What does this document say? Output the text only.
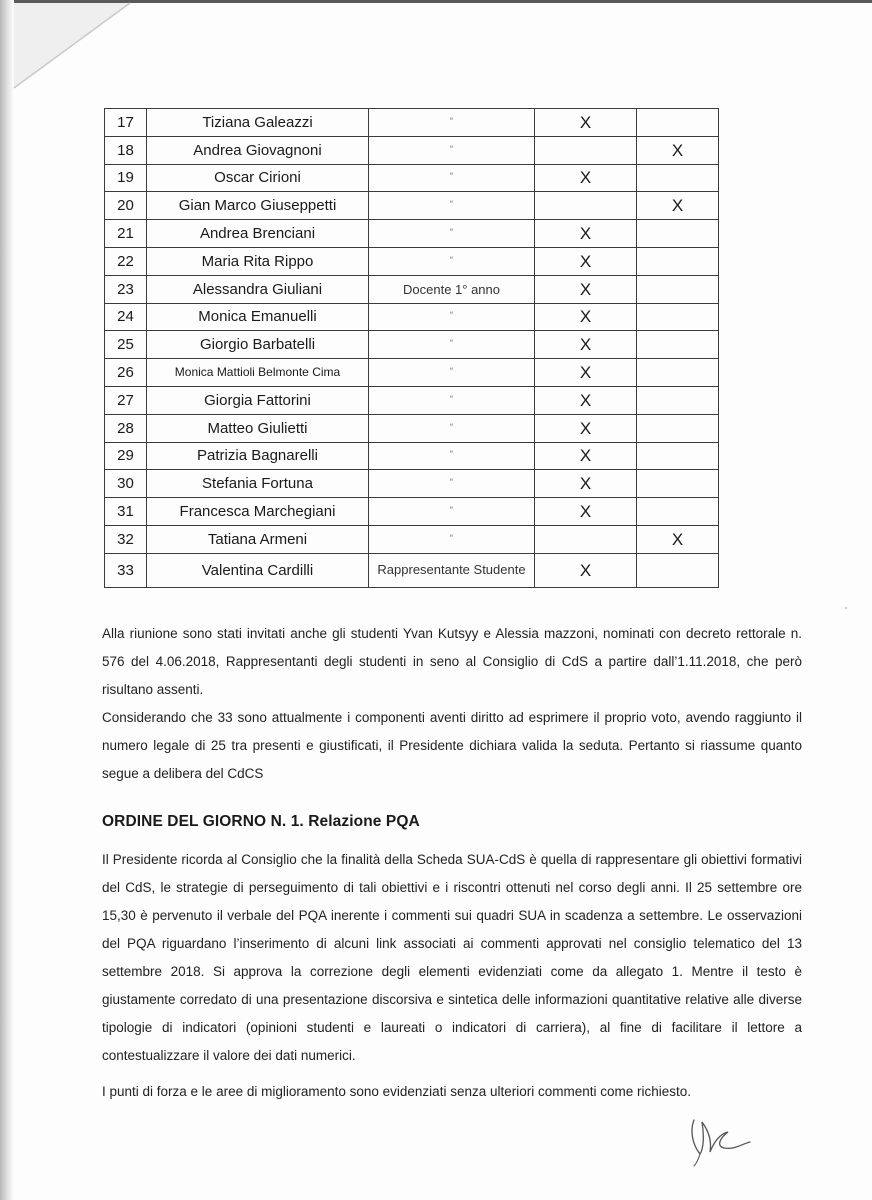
17	Tiziana Galeazzi	“	X	
18	Andrea Giovagnoni	“		X
19	Oscar Cirioni	“	X	
20	Gian Marco Giuseppetti	“		X
21	Andrea Brenciani	“	X	
22	Maria Rita Rippo	“	X	
23	Alessandra Giuliani	Docente 1° anno	X	
24	Monica Emanuelli	“	X	
25	Giorgio Barbatelli	“	X	
26	Monica Mattioli Belmonte Cima	“	X	
27	Giorgia Fattorini	“	X	
28	Matteo Giulietti	“	X	
29	Patrizia Bagnarelli	“	X	
30	Stefania Fortuna	“	X	
31	Francesca Marchegiani	“	X	
32	Tatiana Armeni	“		X
33	Valentina Cardilli	Rappresentante Studente	X	

Alla riunione sono stati invitati anche gli studenti Yvan Kutsyy e Alessia mazzoni, nominati con decreto rettorale n. 576 del 4.06.2018, Rappresentanti degli studenti in seno al Consiglio di CdS a partire dall’1.11.2018, che però risultano assenti.

Considerando che 33 sono attualmente i componenti aventi diritto ad esprimere il proprio voto, avendo raggiunto il numero legale di 25 tra presenti e giustificati, il Presidente dichiara valida la seduta. Pertanto si riassume quanto segue a delibera del CdCS

ORDINE DEL GIORNO N. 1. Relazione PQA

Il Presidente ricorda al Consiglio che la finalità della Scheda SUA-CdS è quella di rappresentare gli obiettivi formativi del CdS, le strategie di perseguimento di tali obiettivi e i riscontri ottenuti nel corso degli anni. Il 25 settembre ore 15,30 è pervenuto il verbale del PQA inerente i commenti sui quadri SUA in scadenza a settembre. Le osservazioni del PQA riguardano l’inserimento di alcuni link associati ai commenti approvati nel consiglio telematico del 13 settembre 2018. Si approva la correzione degli elementi evidenziati come da allegato 1. Mentre il testo è giustamente corredato di una presentazione discorsiva e sintetica delle informazioni quantitative relative alle diverse tipologie di indicatori (opinioni studenti e laureati o indicatori di carriera), al fine di facilitare il lettore a contestualizzare il valore dei dati numerici.

I punti di forza e le aree di miglioramento sono evidenziati senza ulteriori commenti come richiesto.
